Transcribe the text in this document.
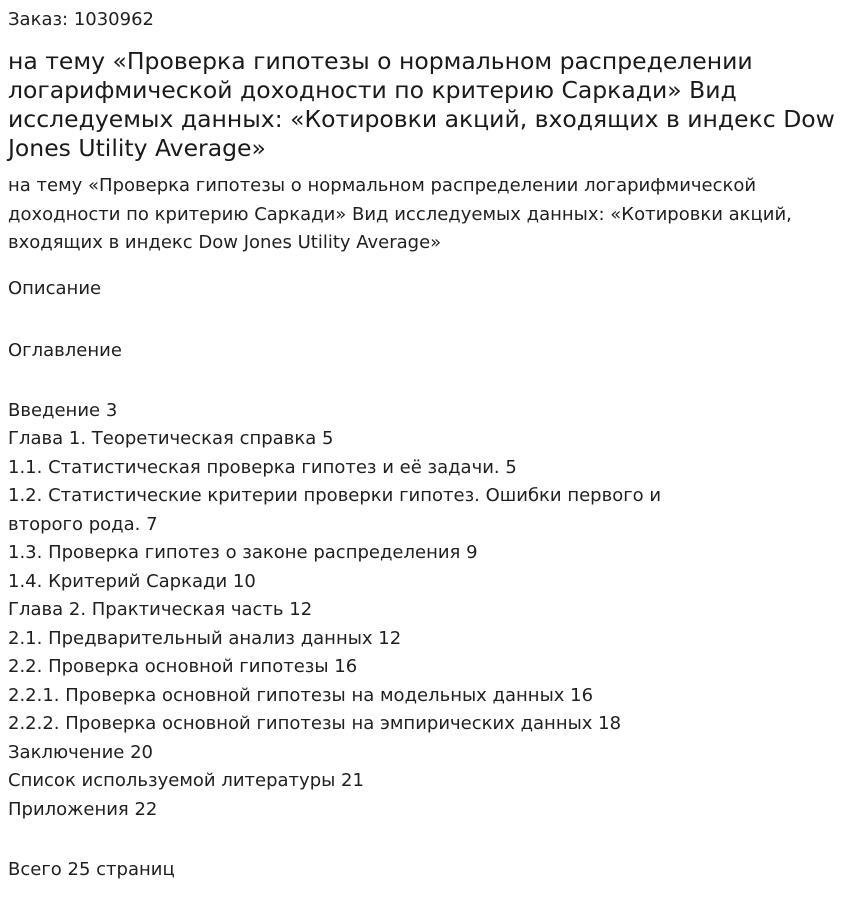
Заказ: 1030962

на тему «Проверка гипотезы о нормальном распределении логарифмической доходности по критерию Саркади» Вид исследуемых данных: «Котировки акций, входящих в индекс Dow Jones Utility Average»

на тему «Проверка гипотезы о нормальном распределении логарифмической доходности по критерию Саркади» Вид исследуемых данных: «Котировки акций, входящих в индекс Dow Jones Utility Average»

Описание

Оглавление

Введение 3
Глава 1. Теоретическая справка 5
1.1. Статистическая проверка гипотез и её задачи. 5
1.2. Статистические критерии проверки гипотез. Ошибки первого и второго рода. 7
1.3. Проверка гипотез о законе распределения 9
1.4. Критерий Саркади 10
Глава 2. Практическая часть 12
2.1. Предварительный анализ данных 12
2.2. Проверка основной гипотезы 16
2.2.1. Проверка основной гипотезы на модельных данных 16
2.2.2. Проверка основной гипотезы на эмпирических данных 18
Заключение 20
Список используемой литературы 21
Приложения 22

Всего 25 страниц
